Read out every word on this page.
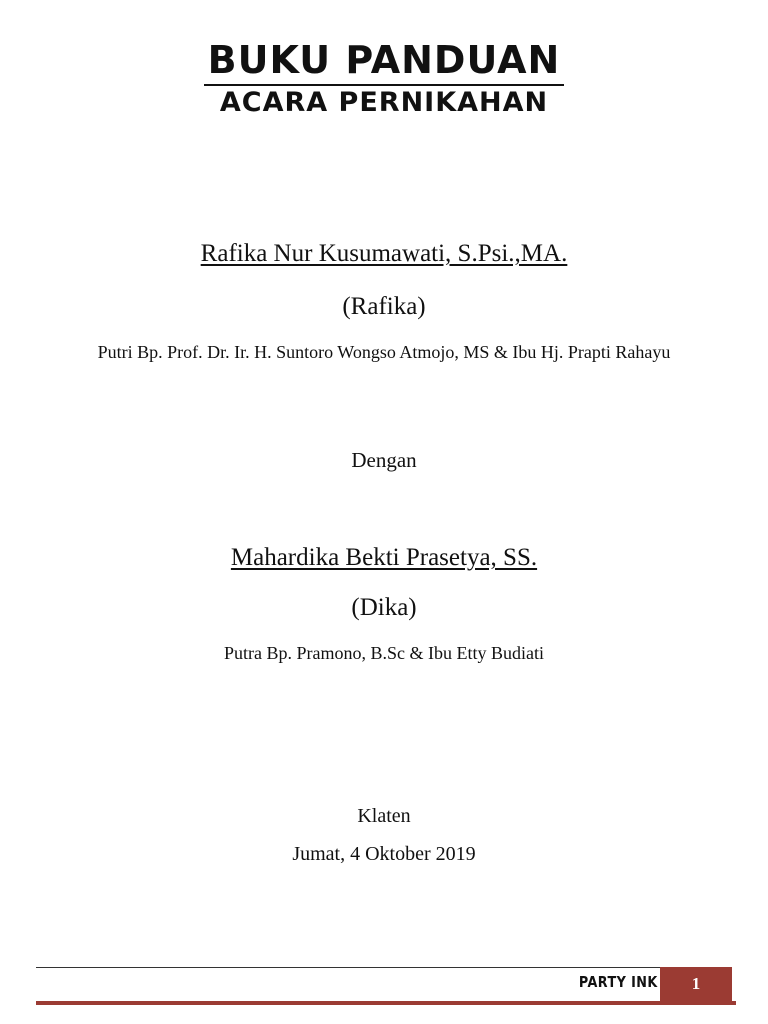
BUKU PANDUAN
ACARA PERNIKAHAN
Rafika Nur Kusumawati, S.Psi.,MA.
(Rafika)
Putri Bp. Prof. Dr. Ir. H. Suntoro Wongso Atmojo, MS & Ibu Hj. Prapti Rahayu
Dengan
Mahardika Bekti Prasetya, SS.
(Dika)
Putra Bp. Pramono, B.Sc & Ibu Etty Budiati
Klaten
Jumat, 4 Oktober 2019
PARTY INK	1
